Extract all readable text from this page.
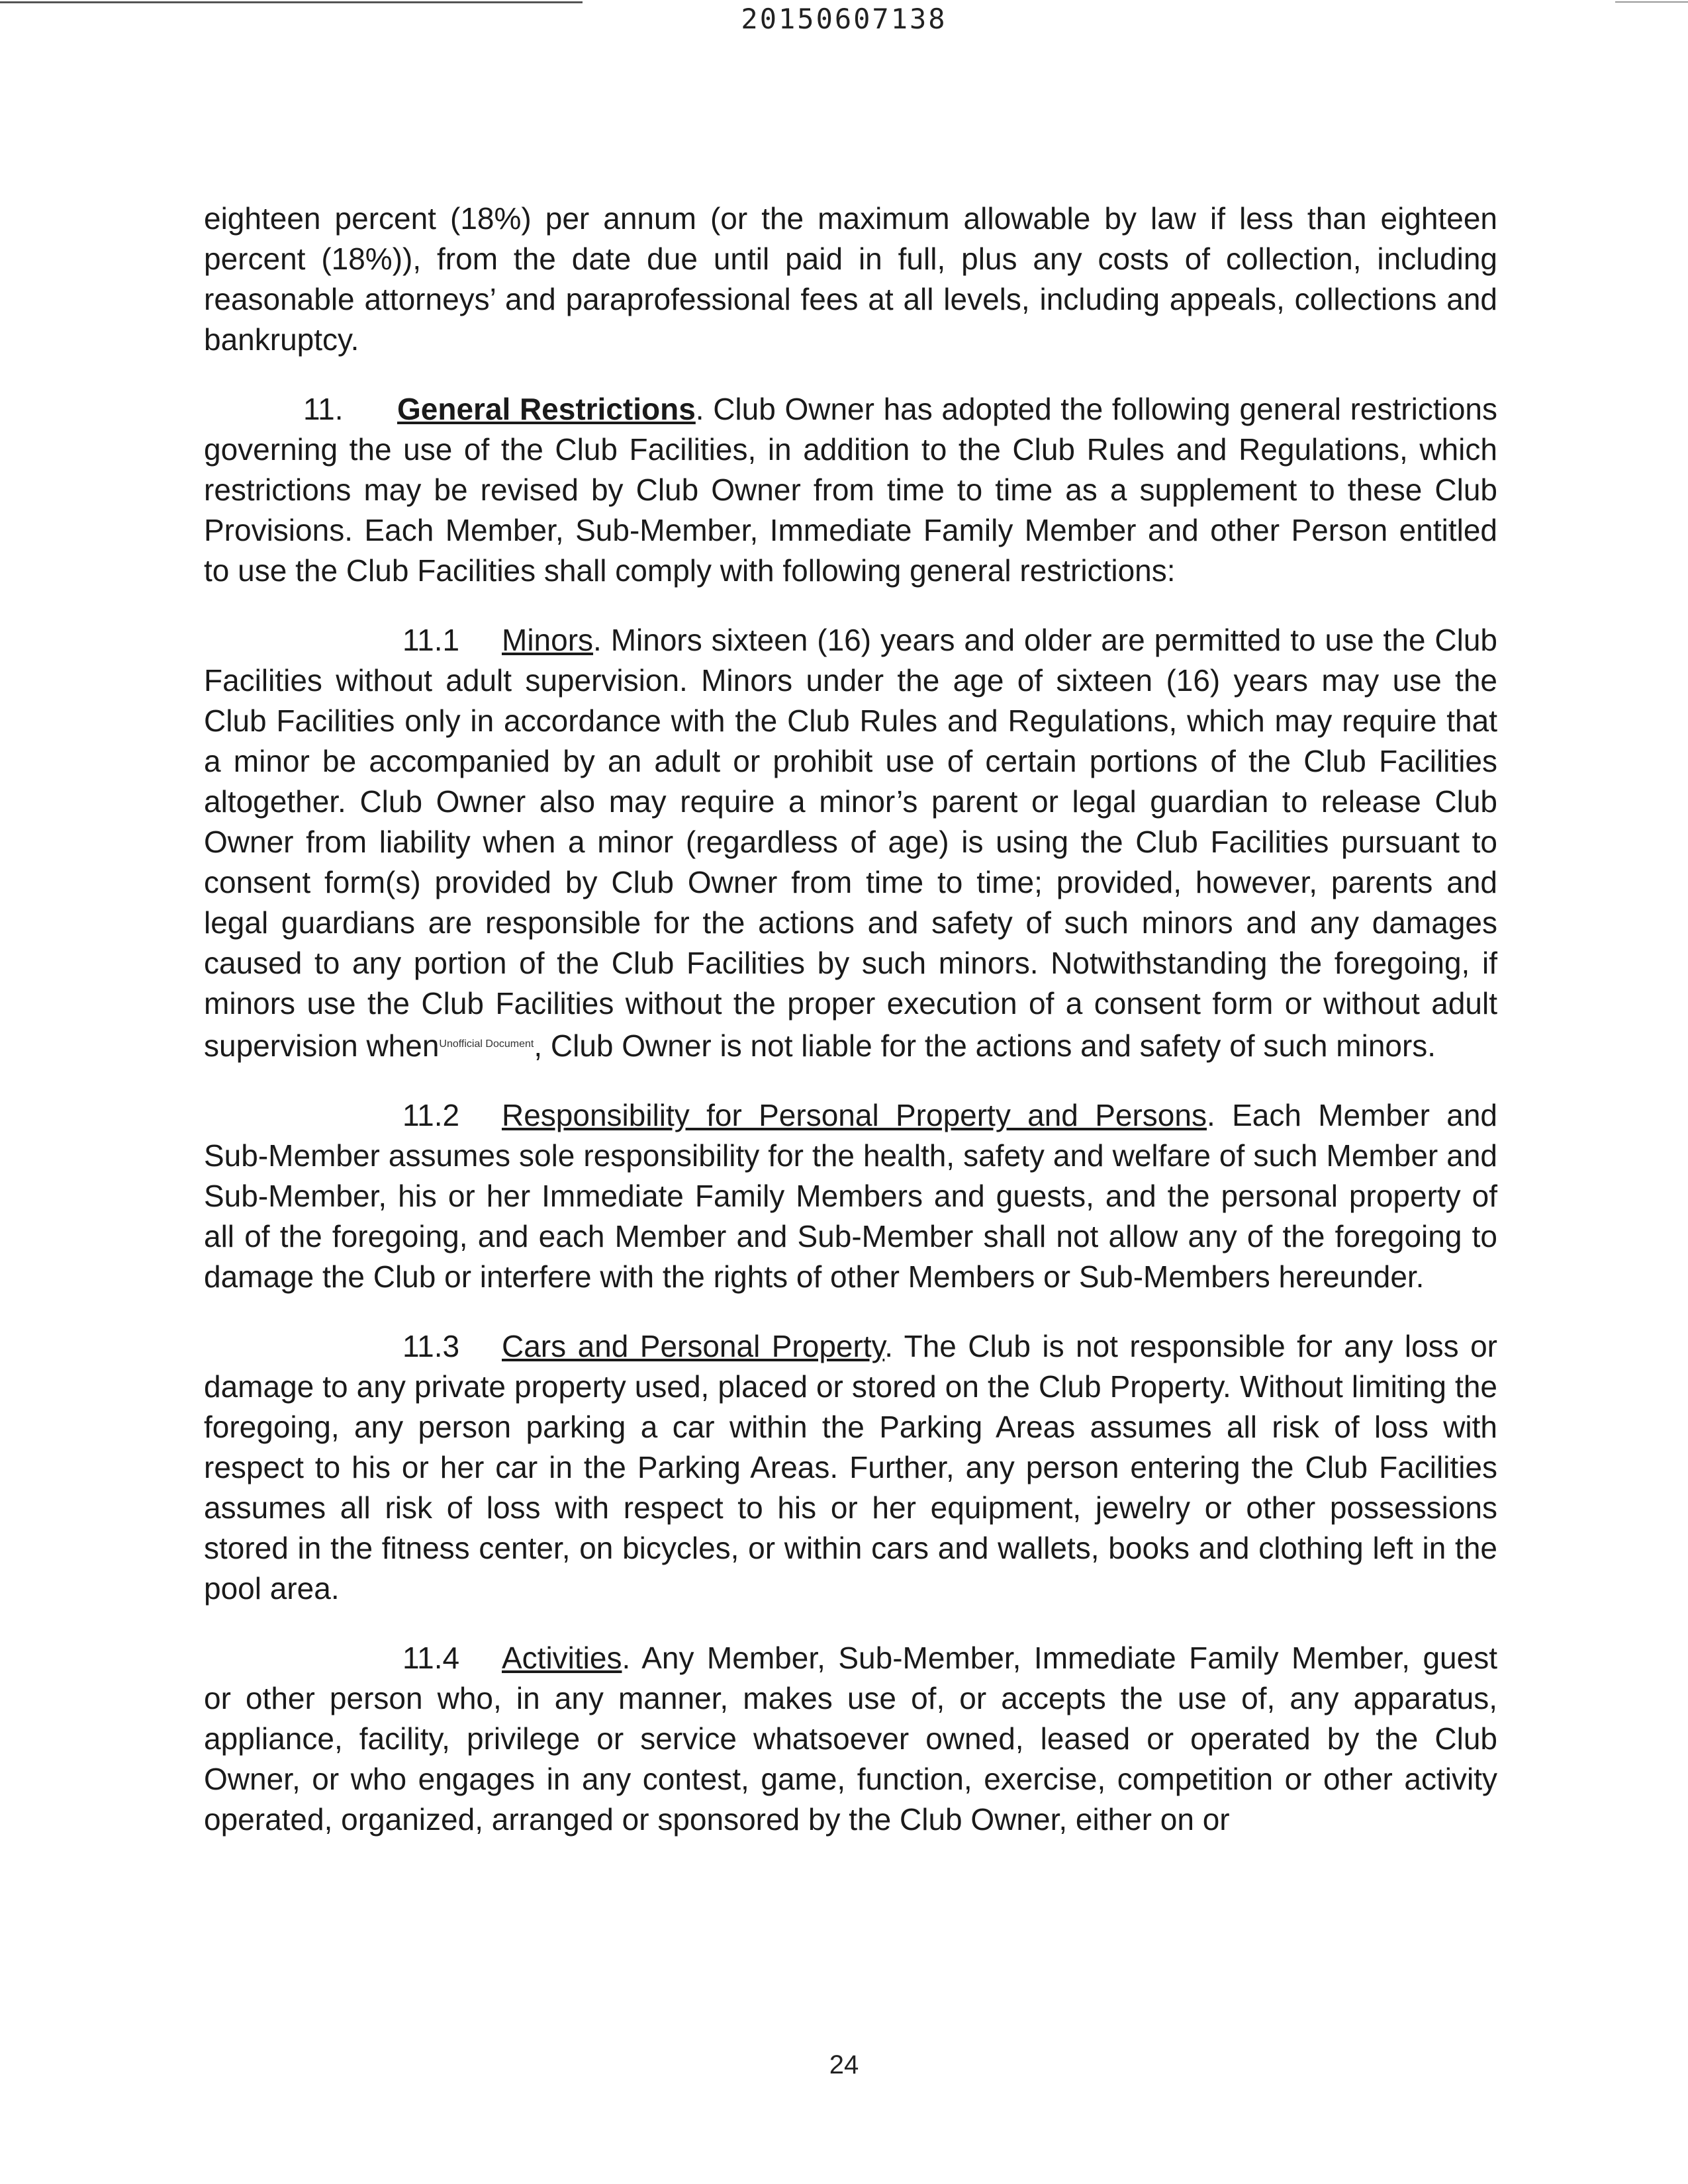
20150607138

eighteen percent (18%) per annum (or the maximum allowable by law if less than eighteen percent (18%)), from the date due until paid in full, plus any costs of collection, including reasonable attorneys’ and paraprofessional fees at all levels, including appeals, collections and bankruptcy.

11. General Restrictions. Club Owner has adopted the following general restrictions governing the use of the Club Facilities, in addition to the Club Rules and Regulations, which restrictions may be revised by Club Owner from time to time as a supplement to these Club Provisions. Each Member, Sub-Member, Immediate Family Member and other Person entitled to use the Club Facilities shall comply with following general restrictions:

11.1 Minors. Minors sixteen (16) years and older are permitted to use the Club Facilities without adult supervision. Minors under the age of sixteen (16) years may use the Club Facilities only in accordance with the Club Rules and Regulations, which may require that a minor be accompanied by an adult or prohibit use of certain portions of the Club Facilities altogether. Club Owner also may require a minor’s parent or legal guardian to release Club Owner from liability when a minor (regardless of age) is using the Club Facilities pursuant to consent form(s) provided by Club Owner from time to time; provided, however, parents and legal guardians are responsible for the actions and safety of such minors and any damages caused to any portion of the Club Facilities by such minors. Notwithstanding the foregoing, if minors use the Club Facilities without the proper execution of a consent form or without adult supervision when$^{Unofficial Document}$, Club Owner is not liable for the actions and safety of such minors.

11.2 Responsibility for Personal Property and Persons. Each Member and Sub-Member assumes sole responsibility for the health, safety and welfare of such Member and Sub-Member, his or her Immediate Family Members and guests, and the personal property of all of the foregoing, and each Member and Sub-Member shall not allow any of the foregoing to damage the Club or interfere with the rights of other Members or Sub-Members hereunder.

11.3 Cars and Personal Property. The Club is not responsible for any loss or damage to any private property used, placed or stored on the Club Property. Without limiting the foregoing, any person parking a car within the Parking Areas assumes all risk of loss with respect to his or her car in the Parking Areas. Further, any person entering the Club Facilities assumes all risk of loss with respect to his or her equipment, jewelry or other possessions stored in the fitness center, on bicycles, or within cars and wallets, books and clothing left in the pool area.

11.4 Activities. Any Member, Sub-Member, Immediate Family Member, guest or other person who, in any manner, makes use of, or accepts the use of, any apparatus, appliance, facility, privilege or service whatsoever owned, leased or operated by the Club Owner, or who engages in any contest, game, function, exercise, competition or other activity operated, organized, arranged or sponsored by the Club Owner, either on or

24
